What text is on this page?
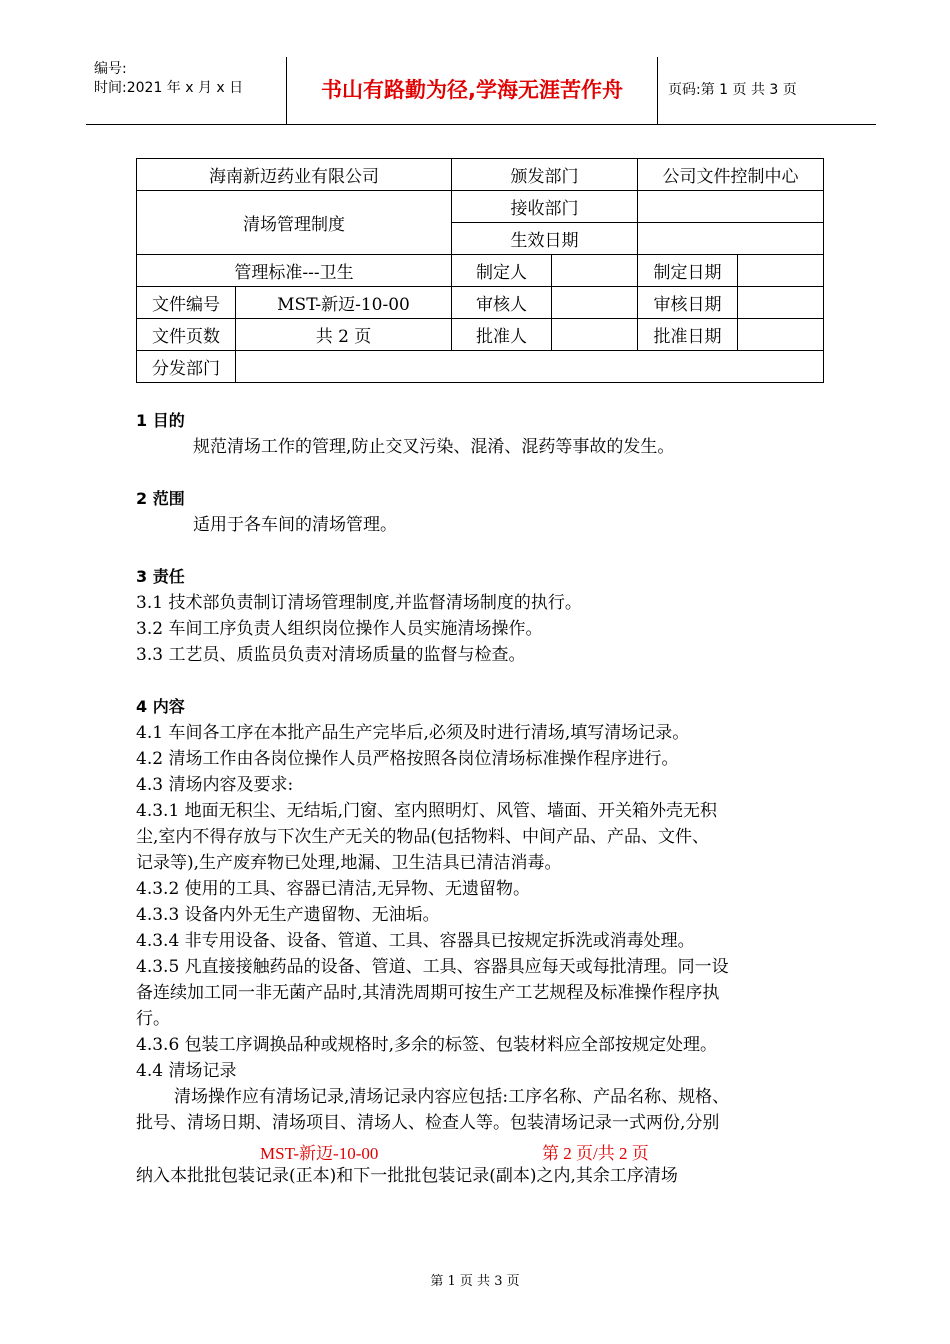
编号:
时间:2021 年 x 月 x 日	书山有路勤为径,学海无涯苦作舟	页码:第 1 页 共 3 页
海南新迈药业有限公司		颁发部门		公司文件控制中心	
清场管理制度		接收部门			
		生效日期			
管理标准---卫生		制定人		制定日期	
文件编号	MST-新迈-10-00	审核人		审核日期	
文件页数	共 2 页	批准人		批准日期	
分发部门					
1 目的
规范清场工作的管理,防止交叉污染、混淆、混药等事故的发生。
2 范围
适用于各车间的清场管理。
3 责任
3.1 技术部负责制订清场管理制度,并监督清场制度的执行。
3.2 车间工序负责人组织岗位操作人员实施清场操作。
3.3 工艺员、质监员负责对清场质量的监督与检查。
4 内容
4.1 车间各工序在本批产品生产完毕后,必须及时进行清场,填写清场记录。
4.2 清场工作由各岗位操作人员严格按照各岗位清场标准操作程序进行。
4.3 清场内容及要求:
4.3.1 地面无积尘、无结垢,门窗、室内照明灯、风管、墙面、开关箱外壳无积
尘,室内不得存放与下次生产无关的物品(包括物料、中间产品、产品、文件、
记录等),生产废弃物已处理,地漏、卫生洁具已清洁消毒。
4.3.2 使用的工具、容器已清洁,无异物、无遗留物。
4.3.3 设备内外无生产遗留物、无油垢。
4.3.4 非专用设备、设备、管道、工具、容器具已按规定拆洗或消毒处理。
4.3.5 凡直接接触药品的设备、管道、工具、容器具应每天或每批清理。同一设
备连续加工同一非无菌产品时,其清洗周期可按生产工艺规程及标准操作程序执
行。
4.3.6 包装工序调换品种或规格时,多余的标签、包装材料应全部按规定处理。
4.4 清场记录
清场操作应有清场记录,清场记录内容应包括:工序名称、产品名称、规格、
批号、清场日期、清场项目、清场人、检查人等。包装清场记录一式两份,分别
MST-新迈-10-00	第 2 页/共 2 页
纳入本批批包装记录(正本)和下一批批包装记录(副本)之内,其余工序清场
第 1 页 共 3 页
